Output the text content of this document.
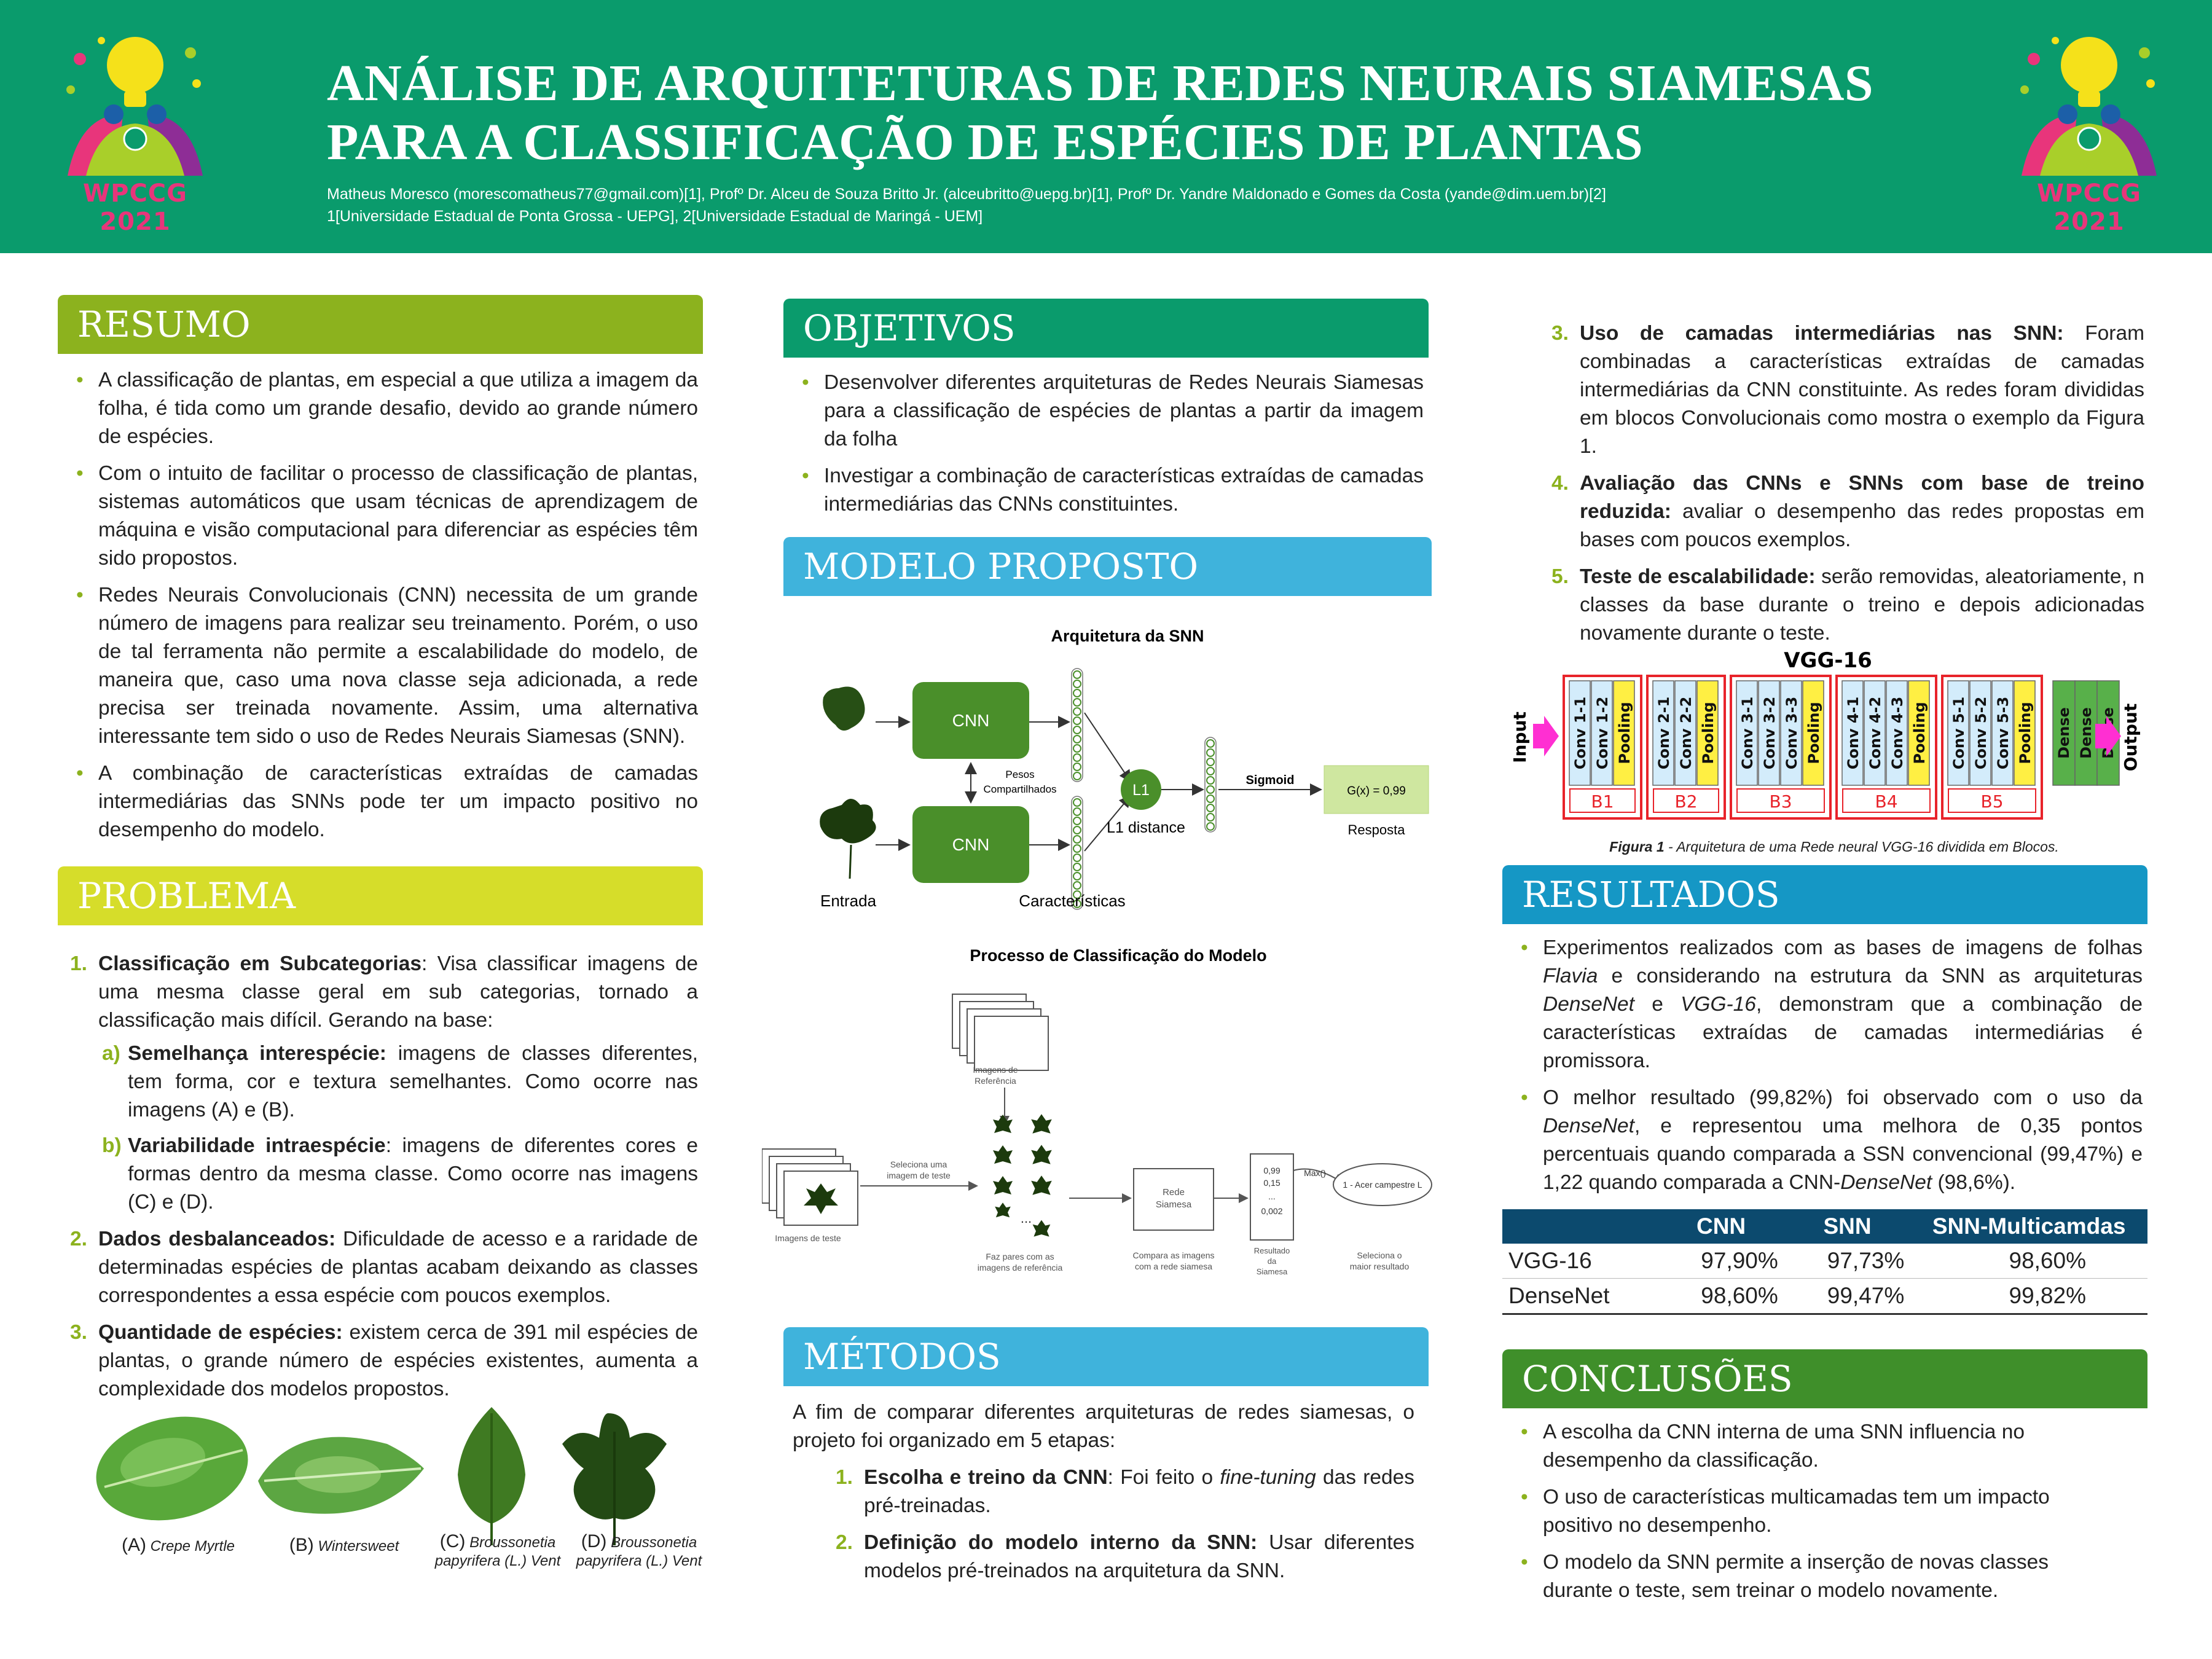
WPCCG 2021
WPCCG 2021
ANÁLISE DE ARQUITETURAS DE REDES NEURAIS SIAMESAS
PARA A CLASSIFICAÇÃO DE ESPÉCIES DE PLANTAS
Matheus Moresco (morescomatheus77@gmail.com)[1], Profº Dr. Alceu de Souza Britto Jr. (alceubritto@uepg.br)[1], Profº Dr. Yandre Maldonado e Gomes da Costa (yande@dim.uem.br)[2]
1[Universidade Estadual de Ponta Grossa - UEPG], 2[Universidade Estadual de Maringá - UEM]
RESUMO
• A classificação de plantas, em especial a que utiliza a imagem da folha, é tida como um grande desafio, devido ao grande número de espécies.
• Com o intuito de facilitar o processo de classificação de plantas, sistemas automáticos que usam técnicas de aprendizagem de máquina e visão computacional para diferenciar as espécies têm sido propostos.
• Redes Neurais Convolucionais (CNN) necessita de um grande número de imagens para realizar seu treinamento. Porém, o uso de tal ferramenta não permite a escalabilidade do modelo, de maneira que, caso uma nova classe seja adicionada, a rede precisa ser treinada novamente. Assim, uma alternativa interessante tem sido o uso de Redes Neurais Siamesas (SNN).
• A combinação de características extraídas de camadas intermediárias das SNNs pode ter um impacto positivo no desempenho do modelo.
PROBLEMA
1. Classificação em Subcategorias: Visa classificar imagens de uma mesma classe geral em sub categorias, tornado a classificação mais difícil. Gerando na base:
a) Semelhança interespécie: imagens de classes diferentes, tem forma, cor e textura semelhantes. Como ocorre nas imagens (A) e (B).
b) Variabilidade intraespécie: imagens de diferentes cores e formas dentro da mesma classe. Como ocorre nas imagens (C) e (D).
2. Dados desbalanceados: Dificuldade de acesso e a raridade de determinadas espécies de plantas acabam deixando as classes correspondentes a essa espécie com poucos exemplos.
3. Quantidade de espécies: existem cerca de 391 mil espécies de plantas, o grande número de espécies existentes, aumenta a complexidade dos modelos propostos.
(A) Crepe Myrtle	(B) Wintersweet	(C) Broussonetia
papyrifera (L.) Vent
(D) Broussonetia
papyrifera (L.) Vent
OBJETIVOS
• Desenvolver diferentes arquiteturas de Redes Neurais Siamesas para a classificação de espécies de plantas a partir da imagem da folha
• Investigar a combinação de características extraídas de camadas intermediárias das CNNs constituintes.
MODELO PROPOSTO
Arquitetura da SNN
CNN
CNN
Pesos
Compartilhados	L1
L1 distance
Sigmoid
G(x) = 0,99
Resposta
Entrada	Características
Processo de Classificação do Modelo
Imagens de
Referência
Imagens de teste
Seleciona uma
imagem de teste
...
Faz pares com as
imagens de referência
Rede
Siamesa
Compara as imagens
com a rede siamesa
0,99
0,15
...
0,002
Resultado
da
Siamesa
Max()
1 - Acer campestre L
Seleciona o
maior resultado
MÉTODOS
A fim de comparar diferentes arquiteturas de redes siamesas, o projeto foi organizado em 5 etapas:
1. Escolha e treino da CNN: Foi feito o fine-tuning das redes pré-treinadas.
2. Definição do modelo interno da SNN: Usar diferentes modelos pré-treinados na arquitetura da SNN.
3. Uso de camadas intermediárias nas SNN: Foram combinadas a características extraídas de camadas intermediárias da CNN constituinte. As redes foram divididas em blocos Convolucionais como mostra o exemplo da Figura 1.
4. Avaliação das CNNs e SNNs com base de treino reduzida: avaliar o desempenho das redes propostas em bases com poucos exemplos.
5. Teste de escalabilidade: serão removidas, aleatoriamente, n classes da base durante o treino e depois adicionadas novamente durante o teste.
VGG-16
Input	Conv 1-1 Conv 1-2 Pooling
B1
Conv 2-1 Conv 2-2 Pooling
B2
Conv 3-1 Conv 3-2 Conv 3-3 Pooling
B3
Conv 4-1 Conv 4-2 Conv 4-3 Pooling
B4
Conv 5-1 Conv 5-2 Conv 5-3 Pooling
B5
Dense Dense Output
Figura 1 - Arquitetura de uma Rede neural VGG-16 dividida em Blocos.
RESULTADOS
• Experimentos realizados com as bases de imagens de folhas Flavia e considerando na estrutura da SNN as arquiteturas DenseNet e VGG-16, demonstram que a combinação de características extraídas de camadas intermediárias é promissora.
• O melhor resultado (99,82%) foi observado com o uso da DenseNet, e representou uma melhora de 0,35 pontos percentuais quando comparada a SSN convencional (99,47%) e 1,22 quando comparada a CNN-DenseNet (98,6%).
	CNN	SNN	SNN-Multicamdas
VGG-16	97,90%	97,73%	98,60%
DenseNet	98,60%	99,47%	99,82%
CONCLUSÕES
• A escolha da CNN interna de uma SNN influencia no desempenho da classificação.
• O uso de características multicamadas tem um impacto positivo no desempenho.
• O modelo da SNN permite a inserção de novas classes durante o teste, sem treinar o modelo novamente.
